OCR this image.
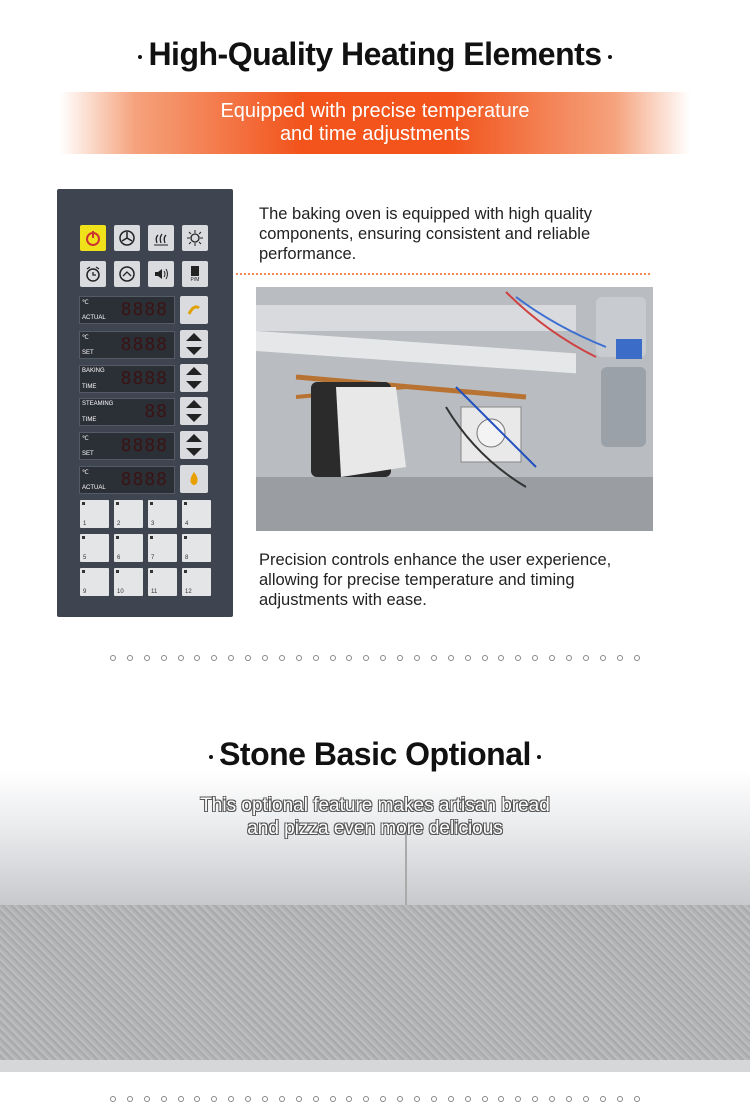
High-Quality Heating Elements
Equipped with precise temperature
and time adjustments
P/M
℃
ACTUAL 8888
℃
SET 8888
BAKING
TIME 8888
STEAMING
TIME	88
℃
SET 8888
℃
ACTUAL 8888
1	2	3	4
5	6	7	8
9	10	11	12
The baking oven is equipped with high quality components, ensuring consistent and reliable performance.
Precision controls enhance the user experience, allowing for precise temperature and timing adjustments with ease.
Stone Basic Optional
This optional feature makes artisan bread
and pizza even more delicious
